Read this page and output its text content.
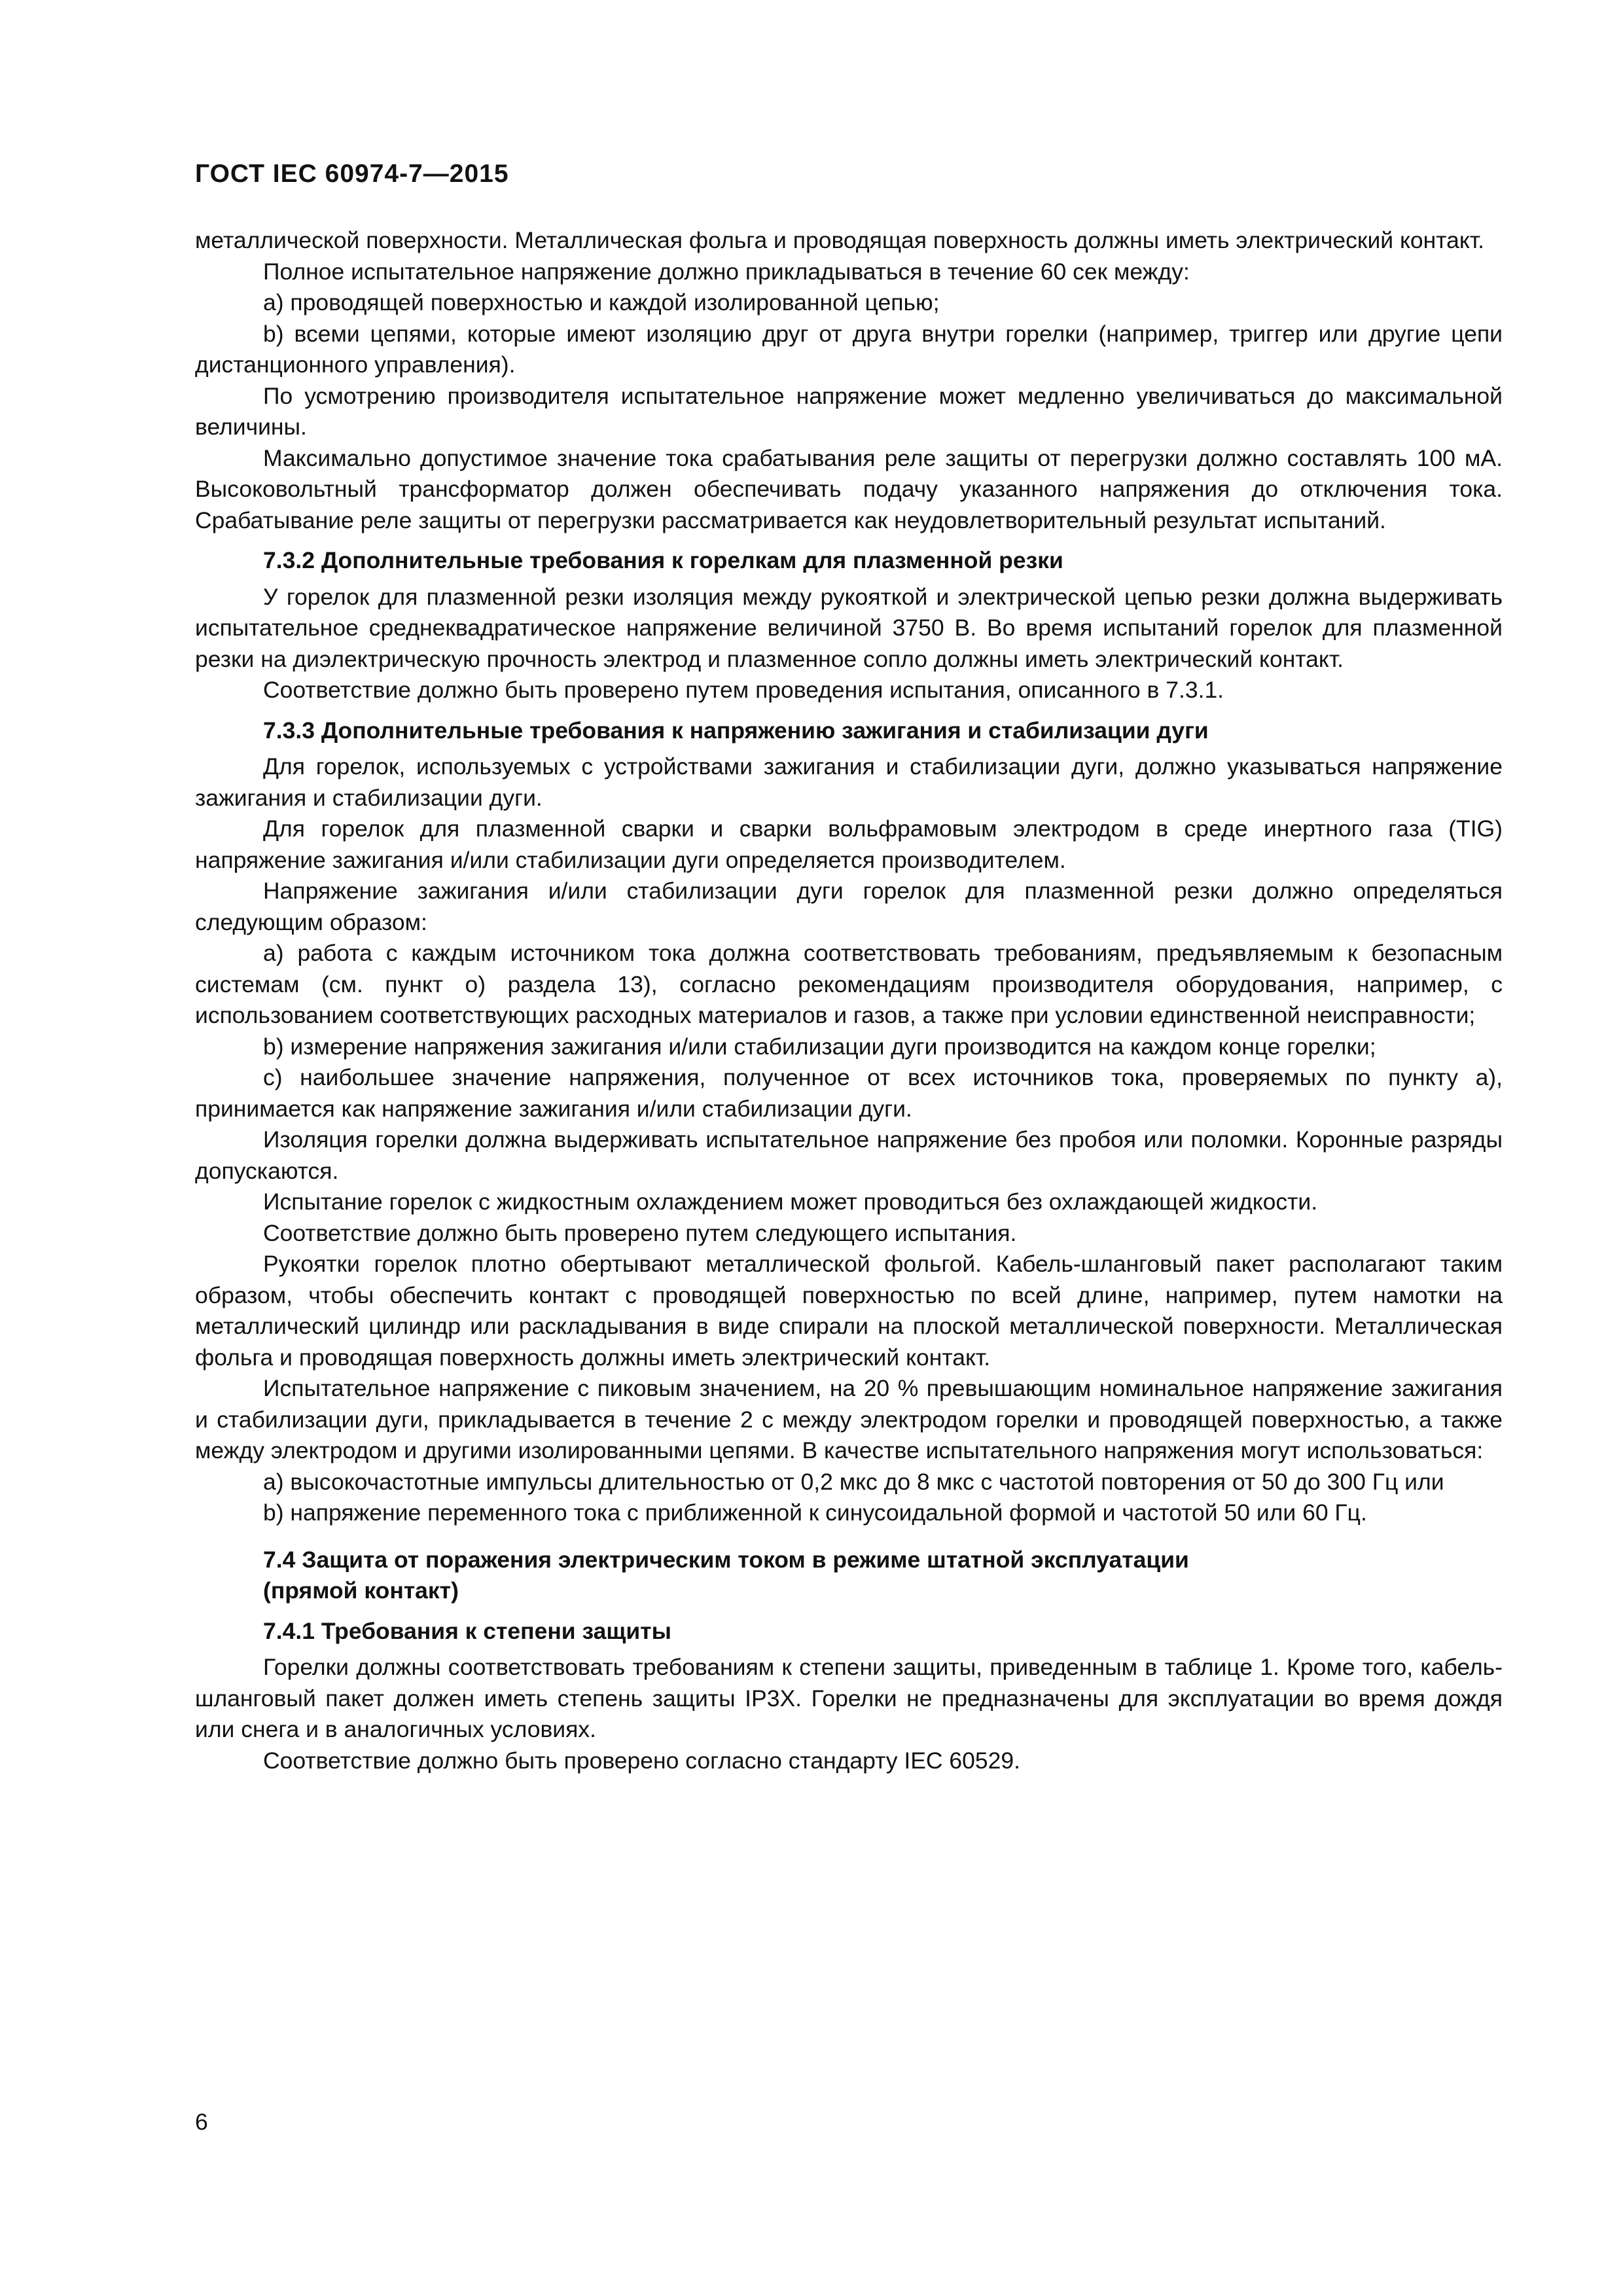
ГОСТ IEC 60974-7—2015

металлической поверхности. Металлическая фольга и проводящая поверхность должны иметь электрический контакт.

Полное испытательное напряжение должно прикладываться в течение 60 сек между:

a) проводящей поверхностью и каждой изолированной цепью;

b) всеми цепями, которые имеют изоляцию друг от друга внутри горелки (например, триггер или другие цепи дистанционного управления).

По усмотрению производителя испытательное напряжение может медленно увеличиваться до максимальной величины.

Максимально допустимое значение тока срабатывания реле защиты от перегрузки должно составлять 100 мА. Высоковольтный трансформатор должен обеспечивать подачу указанного напряжения до отключения тока. Срабатывание реле защиты от перегрузки рассматривается как неудовлетворительный результат испытаний.

7.3.2 Дополнительные требования к горелкам для плазменной резки

У горелок для плазменной резки изоляция между рукояткой и электрической цепью резки должна выдерживать испытательное среднеквадратическое напряжение величиной 3750 В. Во время испытаний горелок для плазменной резки на диэлектрическую прочность электрод и плазменное сопло должны иметь электрический контакт.

Соответствие должно быть проверено путем проведения испытания, описанного в 7.3.1.

7.3.3 Дополнительные требования к напряжению зажигания и стабилизации дуги

Для горелок, используемых с устройствами зажигания и стабилизации дуги, должно указываться напряжение зажигания и стабилизации дуги.

Для горелок для плазменной сварки и сварки вольфрамовым электродом в среде инертного газа (TIG) напряжение зажигания и/или стабилизации дуги определяется производителем.

Напряжение зажигания и/или стабилизации дуги горелок для плазменной резки должно определяться следующим образом:

a) работа с каждым источником тока должна соответствовать требованиям, предъявляемым к безопасным системам (см. пункт о) раздела 13), согласно рекомендациям производителя оборудования, например, с использованием соответствующих расходных материалов и газов, а также при условии единственной неисправности;

b) измерение напряжения зажигания и/или стабилизации дуги производится на каждом конце горелки;

c) наибольшее значение напряжения, полученное от всех источников тока, проверяемых по пункту а), принимается как напряжение зажигания и/или стабилизации дуги.

Изоляция горелки должна выдерживать испытательное напряжение без пробоя или поломки. Коронные разряды допускаются.

Испытание горелок с жидкостным охлаждением может проводиться без охлаждающей жидкости.

Соответствие должно быть проверено путем следующего испытания.

Рукоятки горелок плотно обертывают металлической фольгой. Кабель-шланговый пакет располагают таким образом, чтобы обеспечить контакт с проводящей поверхностью по всей длине, например, путем намотки на металлический цилиндр или раскладывания в виде спирали на плоской металлической поверхности. Металлическая фольга и проводящая поверхность должны иметь электрический контакт.

Испытательное напряжение с пиковым значением, на 20 % превышающим номинальное напряжение зажигания и стабилизации дуги, прикладывается в течение 2 с между электродом горелки и проводящей поверхностью, а также между электродом и другими изолированными цепями. В качестве испытательного напряжения могут использоваться:

a) высокочастотные импульсы длительностью от 0,2 мкс до 8 мкс с частотой повторения от 50 до 300 Гц или

b) напряжение переменного тока с приближенной к синусоидальной формой и частотой 50 или 60 Гц.

7.4 Защита от поражения электрическим током в режиме штатной эксплуатации
(прямой контакт)
7.4.1 Требования к степени защиты

Горелки должны соответствовать требованиям к степени защиты, приведенным в таблице 1. Кроме того, кабель-шланговый пакет должен иметь степень защиты IP3X. Горелки не предназначены для эксплуатации во время дождя или снега и в аналогичных условиях.

Соответствие должно быть проверено согласно стандарту IEC 60529.

6
